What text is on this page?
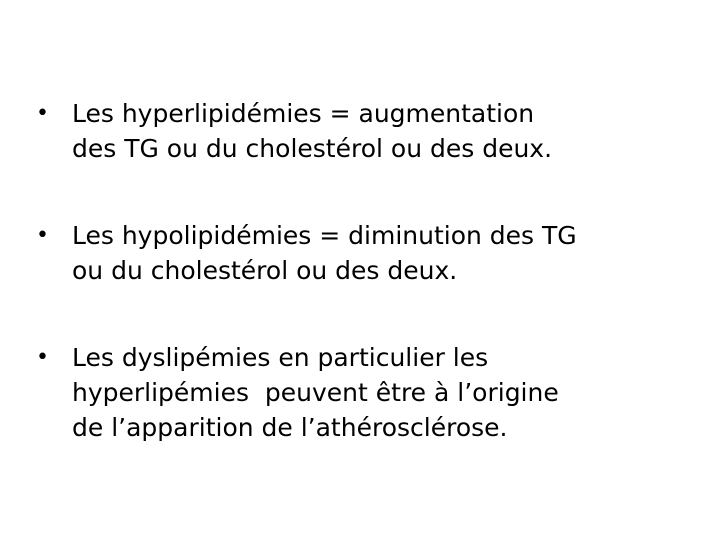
• Les hyperlipidémies = augmentation
des TG ou du cholestérol ou des deux.
• Les hypolipidémies = diminution des TG
ou du cholestérol ou des deux.
• Les dyslipémies en particulier les
hyperlipémies  peuvent être à l’origine
de l’apparition de l’athérosclérose.
